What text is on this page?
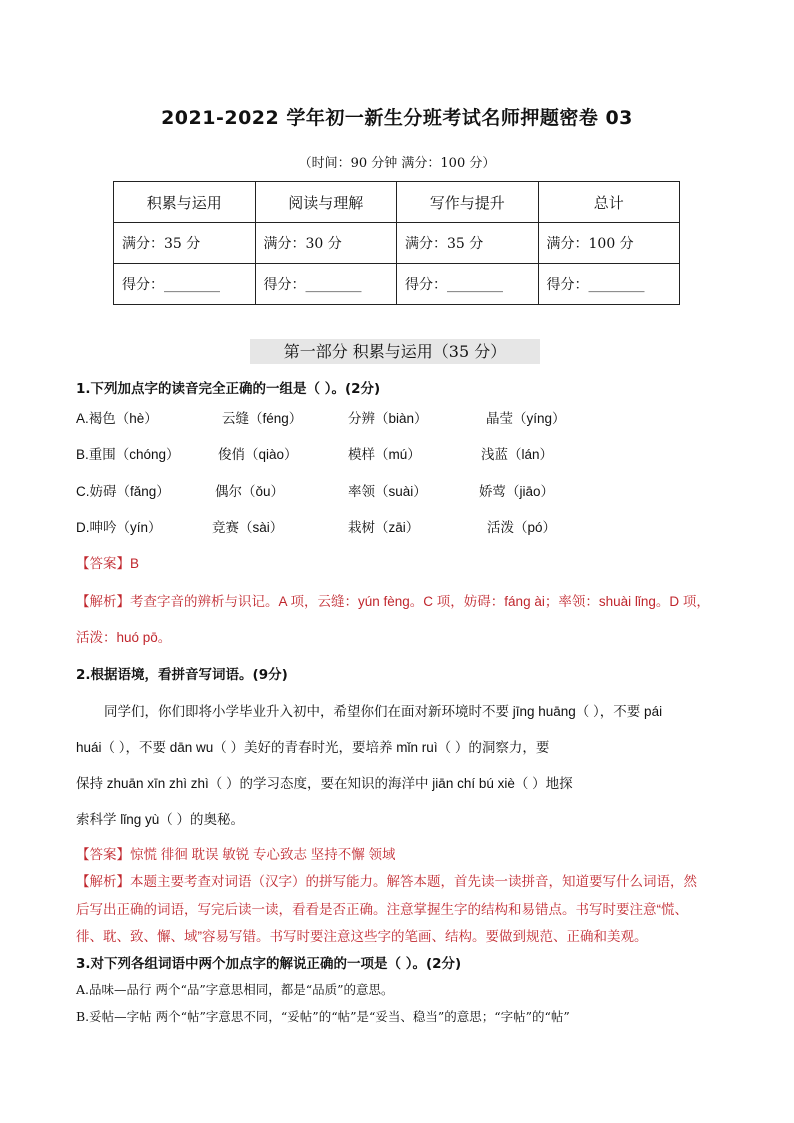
2021-2022 学年初一新生分班考试名师押题密卷 03
（时间：90 分钟 满分：100 分）
积累与运用	阅读与理解	写作与提升	总计
满分：35 分	满分：30 分	满分：35 分	满分：100 分
得分：________	得分：________	得分：________	得分：________
第一部分 积累与运用（35 分）
1.下列加点字的读音完全正确的一组是（ ）。(2分)
A.褐色（hè）	云缝（féng）	分辨（biàn）	晶莹（yíng）
B.重围（chóng）	俊俏（qiào）	模样（mú）	浅蓝（lán）
C.妨碍（fǎng）	偶尔（ǒu）	率领（suài）	娇莺（jiāo）
D.呻吟（yín）	竞赛（sài）	栽树（zāi）	活泼（pó）
【答案】B
【解析】考查字音的辨析与识记。A 项，云缝：yún fèng。C 项，妨碍：fáng ài；率领：shuài lǐng。D 项，
活泼：huó pō。
2.根据语境，看拼音写词语。(9分)
同学们，你们即将小学毕业升入初中，希望你们在面对新环境时不要 jīng huāng（ ），不要 pái
huái（ ），不要 dān wu（ ）美好的青春时光，要培养 mǐn ruì（ ）的洞察力，要
保持 zhuān xīn zhì zhì（ ）的学习态度，要在知识的海洋中 jiān chí bú xiè（ ）地探
索科学 lǐng yù（ ）的奥秘。
【答案】惊慌 徘徊 耽误 敏锐 专心致志 坚持不懈 领域
【解析】本题主要考查对词语（汉字）的拼写能力。解答本题，首先读一读拼音，知道要写什么词语，然
后写出正确的词语，写完后读一读，看看是否正确。注意掌握生字的结构和易错点。书写时要注意“慌、
徘、耽、致、懈、域”容易写错。书写时要注意这些字的笔画、结构。要做到规范、正确和美观。
3.对下列各组词语中两个加点字的解说正确的一项是（ ）。(2分)
A.品味—品行 两个“品”字意思相同，都是“品质”的意思。
B.妥帖—字帖 两个“帖”字意思不同，“妥帖”的“帖”是“妥当、稳当”的意思；“字帖”的“帖”
